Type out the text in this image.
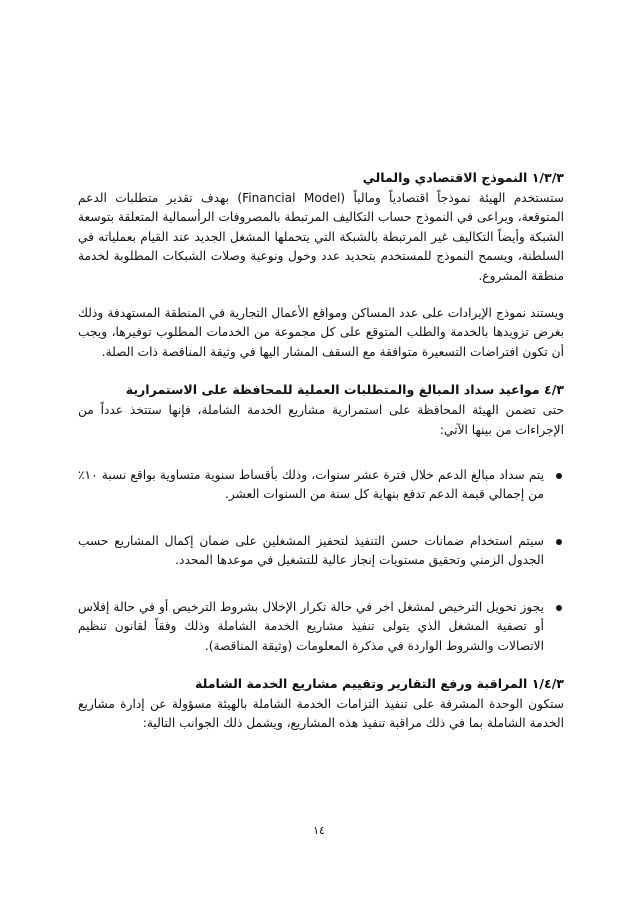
١/٣/٣ النموذج الاقتصادي والمالي

ستستخدم الهيئة نموذجاً اقتصادياً ومالياً (Financial Model) بهدف تقدير متطلبات الدعم المتوقعة، ويراعى في النموذج حساب التكاليف المرتبطة بالمصروفات الرأسمالية المتعلقة بتوسعة الشبكة وأيضاً التكاليف غير المرتبطة بالشبكة التي يتحملها المشغل الجديد عند القيام بعملياته في السلطنة، ويسمح النموذج للمستخدم بتحديد عدد وخول ونوعية وصلات الشبكات المطلوبة لخدمة منطقة المشروع.

ويستند نموذج الإيرادات على عدد المساكن ومواقع الأعمال التجارية في المنطقة المستهدفة وذلك بغرض تزويدها بالخدمة والطلب المتوقع على كل مجموعة من الخدمات المطلوب توفيرها، ويجب أن تكون افتراضات التسعيرة متوافقة مع السقف المشار اليها في وثيقة المناقصة ذات الصلة.

٤/٣ مواعيد سداد المبالغ والمتطلبات العملية للمحافظة على الاستمرارية

حتى تضمن الهيئة المحافظة على استمرارية مشاريع الخدمة الشاملة، فإنها ستتخذ عدداً من الإجراءات من بينها الآتي:

يتم سداد مبالغ الدعم خلال فترة عشر سنوات، وذلك بأقساط سنوية متساوية بواقع نسبة ١٠٪ من إجمالي قيمة الدعم تدفع بنهاية كل سنة من السنوات العشر.
سيتم استخدام ضمانات حسن التنفيذ لتحفيز المشغلين على ضمان إكمال المشاريع حسب الجدول الزمني وتحقيق مستويات إنجاز عالية للتشغيل في موعدها المحدد.
يجوز تحويل الترخيص لمشغل اخر في حالة تكرار الإخلال بشروط الترخيص أو في حالة إفلاس أو تصفية المشغل الذي يتولى تنفيذ مشاريع الخدمة الشاملة وذلك وفقاً لقانون تنظيم الاتصالات والشروط الواردة في مذكرة المعلومات (وثيقة المناقصة).
١/٤/٣ المراقبة ورفع التقارير وتقييم مشاريع الخدمة الشاملة

ستكون الوحدة المشرفة على تنفيذ التزامات الخدمة الشاملة بالهيئة مسؤولة عن إدارة مشاريع الخدمة الشاملة بما في ذلك مراقبة تنفيذ هذه المشاريع، ويشمل ذلك الجوانب التالية:

١٤
